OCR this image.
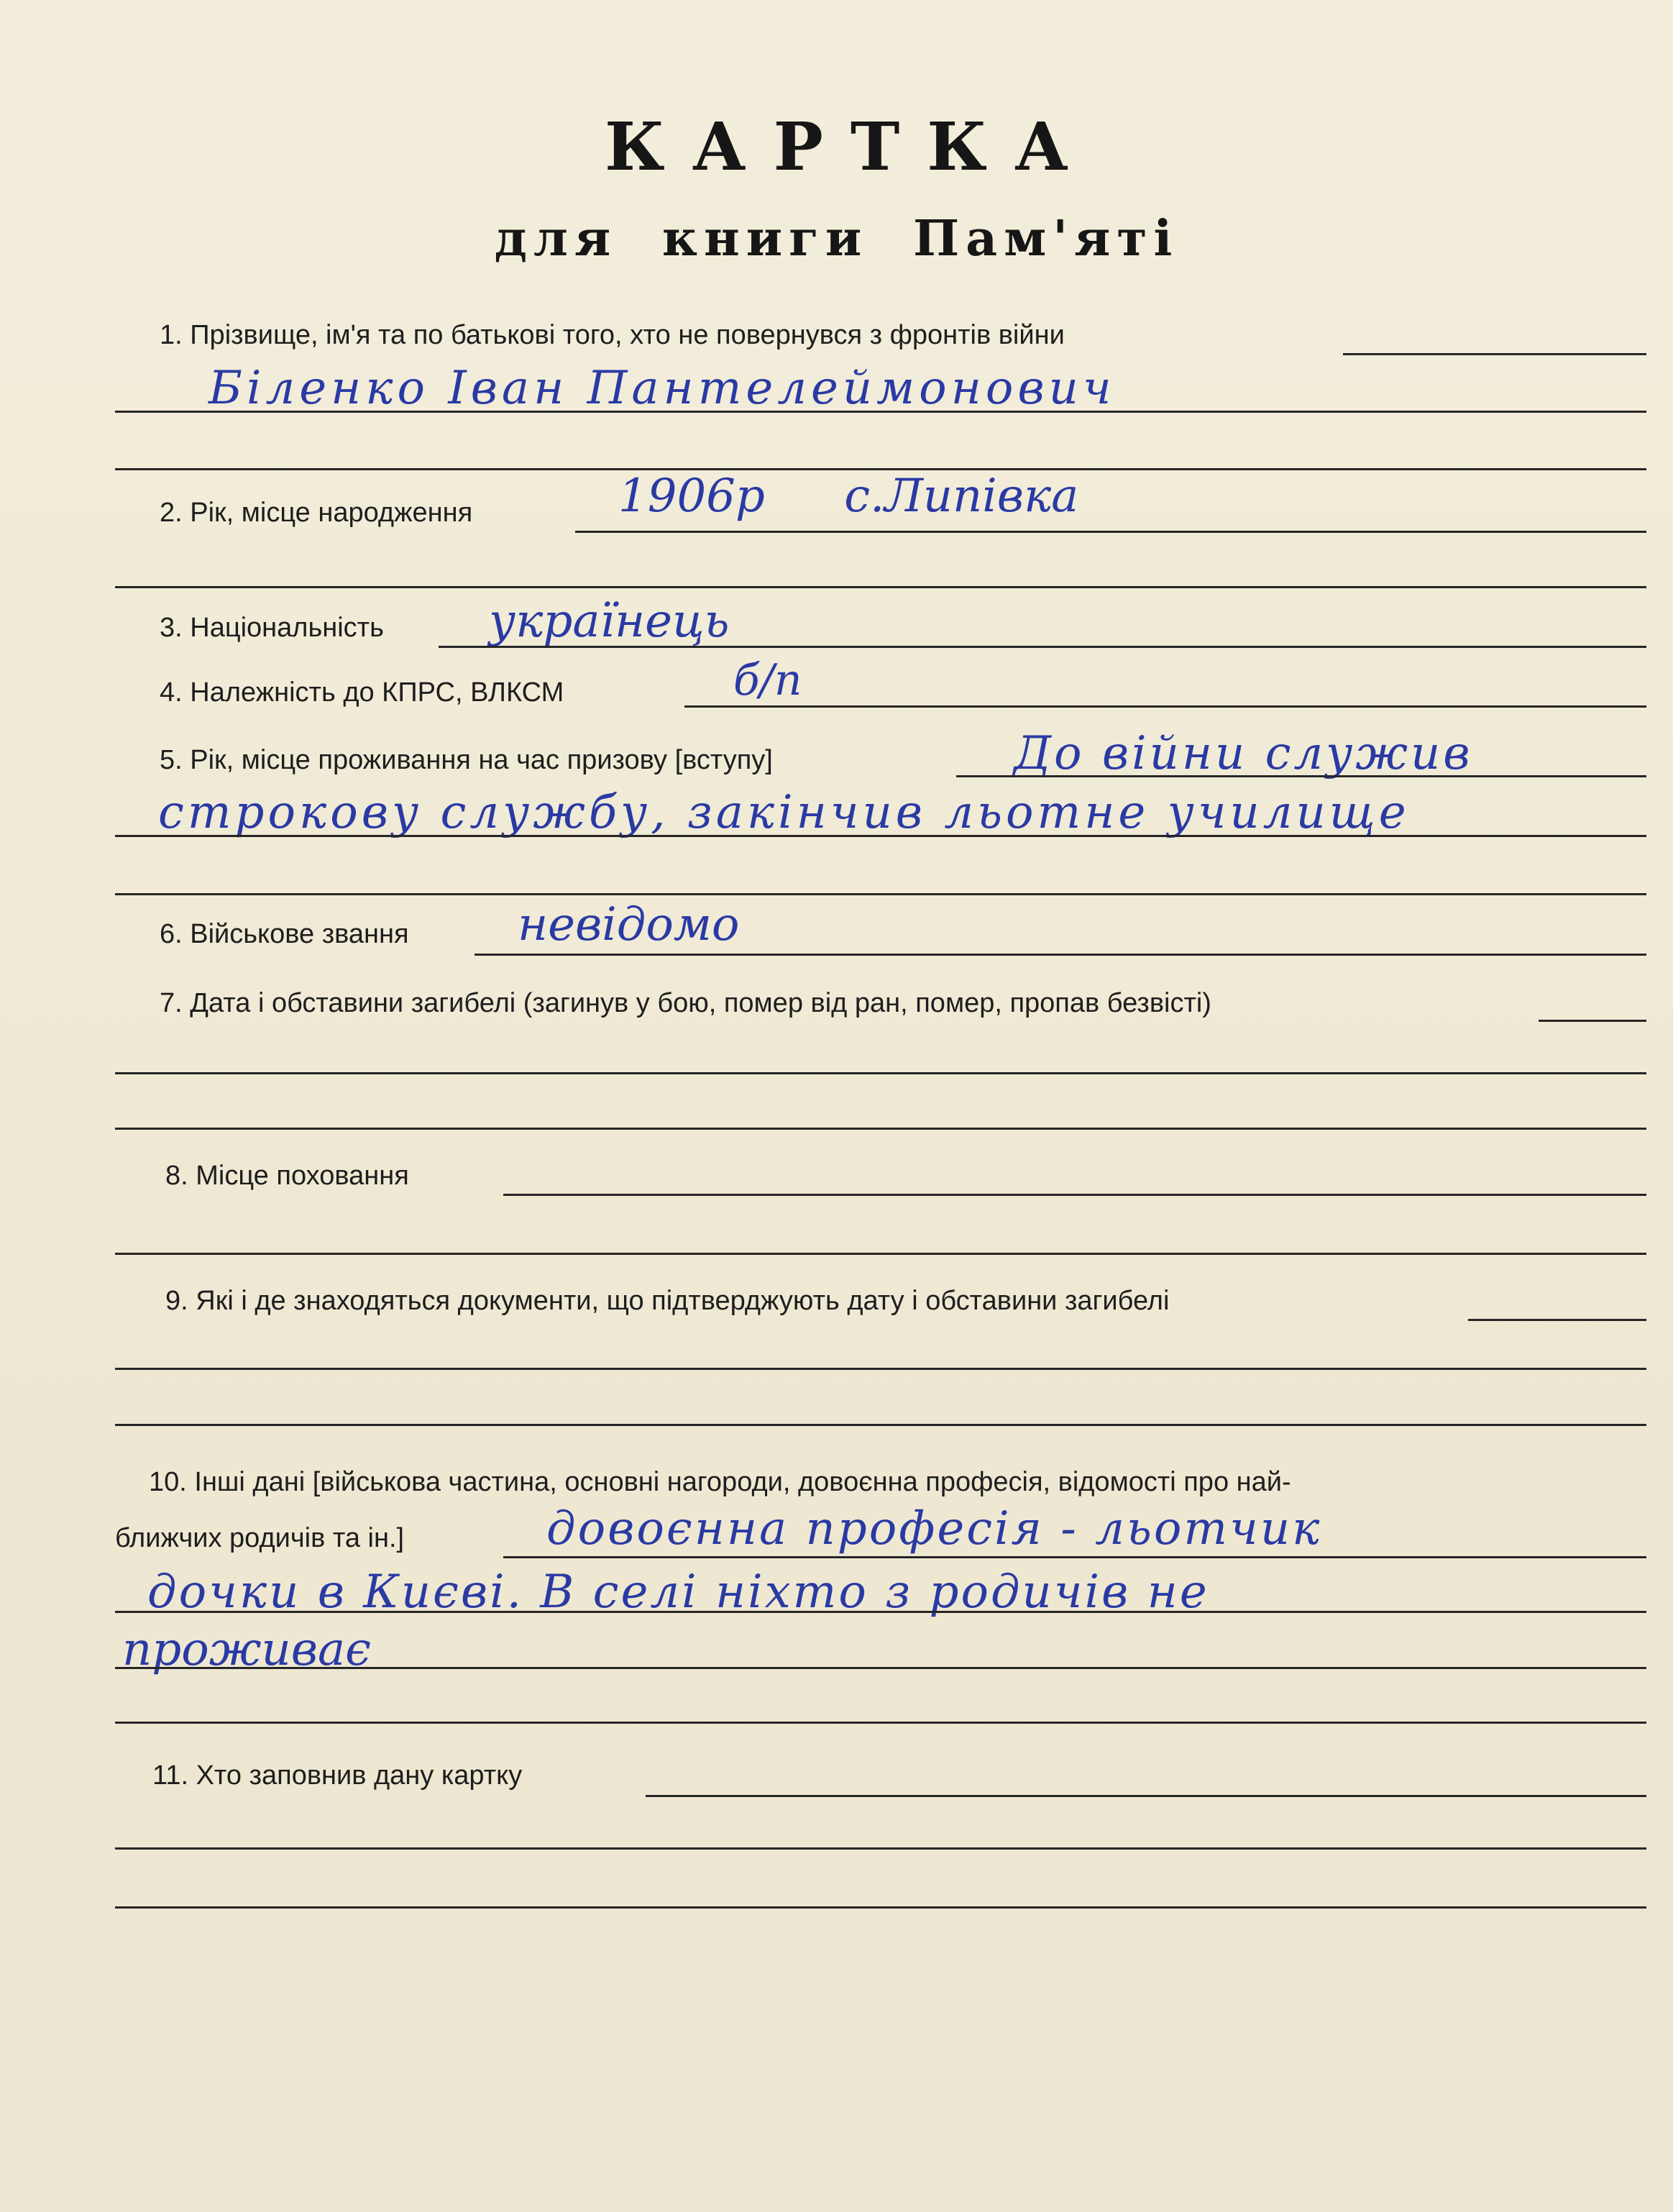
КАРТКА
для книги Пам'яті
1. Прізвище, ім'я та по батькові того, хто не повернувся з фронтів війни
Біленко Іван Пантелеймонович
2. Рік, місце народження	1906р с.Липівка
3. Національність українець
4. Належність до КПРС, ВЛКСМ	б/п
5. Рік, місце проживання на час призову [вступу]	До війни служив
строкову службу, закінчив льотне училище
6. Військове звання невідомо
7. Дата і обставини загибелі (загинув у бою, помер від ран, помер, пропав безвісті)
8. Місце поховання
9. Які і де знаходяться документи, що підтверджують дату і обставини загибелі
10. Інші дані [військова частина, основні нагороди, довоєнна професія, відомості про най-
ближчих родичів та ін.]	довоєнна професія - льотчик
дочки в Києві. В селі ніхто з родичів не
проживає
11. Хто заповнив дану картку
